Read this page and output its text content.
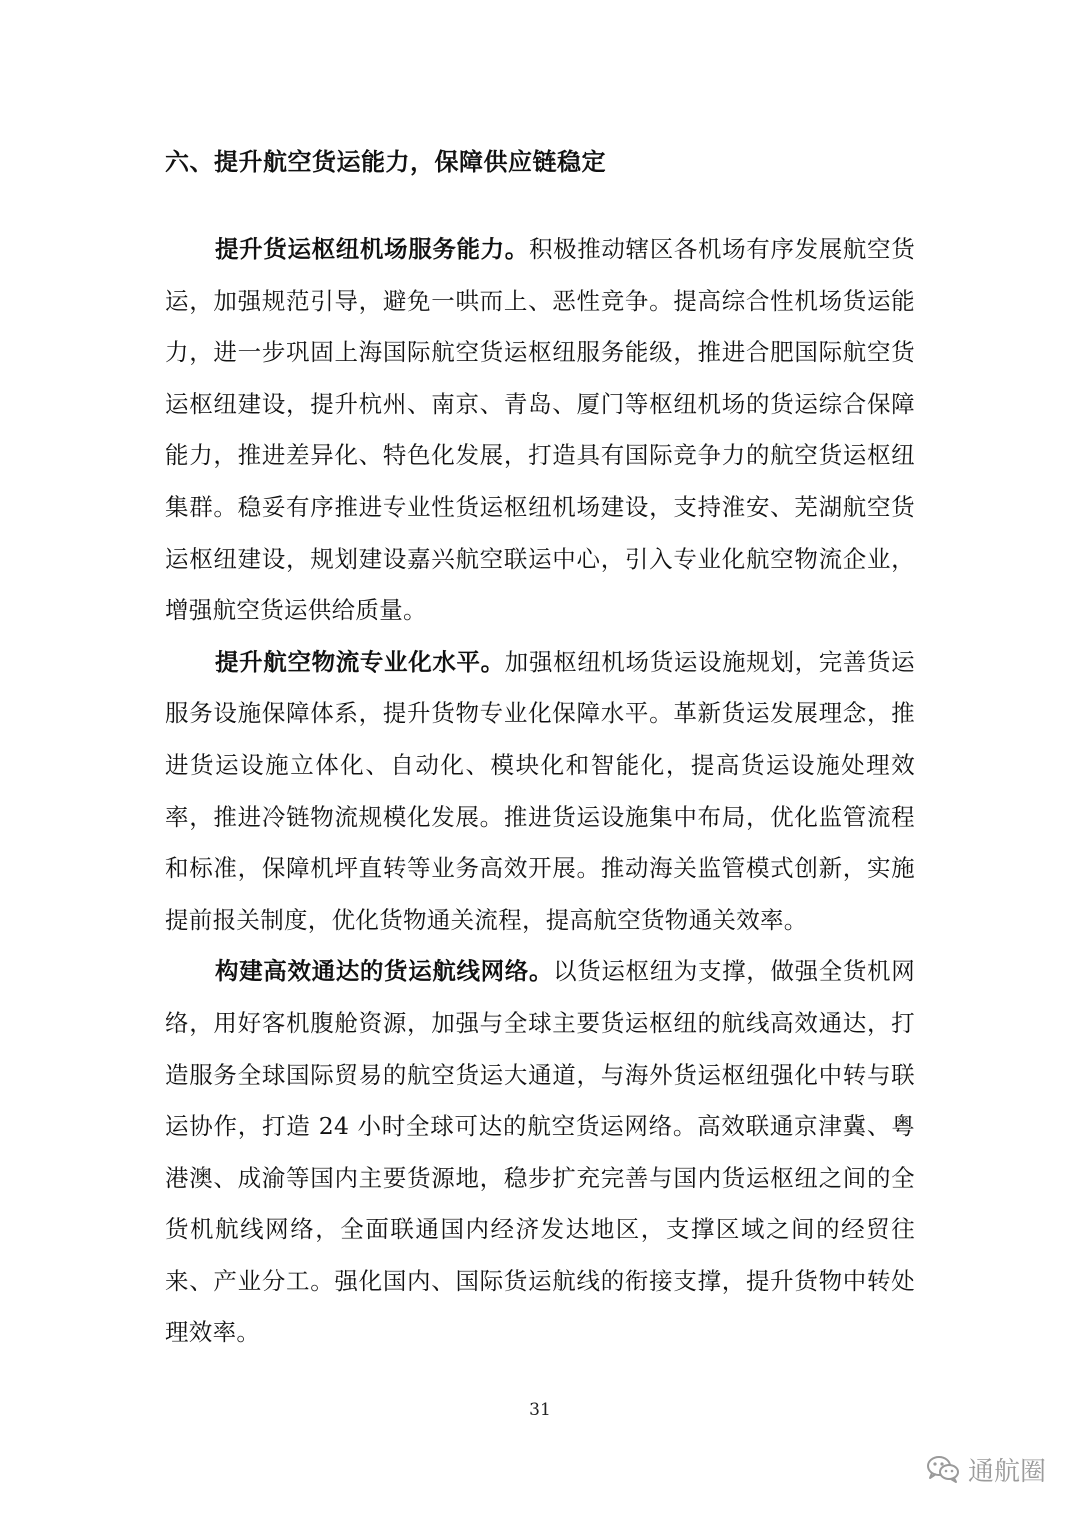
六、提升航空货运能力，保障供应链稳定

提升货运枢纽机场服务能力。积极推动辖区各机场有序发展航空货运，加强规范引导，避免一哄而上、恶性竞争。提高综合性机场货运能力，进一步巩固上海国际航空货运枢纽服务能级，推进合肥国际航空货运枢纽建设，提升杭州、南京、青岛、厦门等枢纽机场的货运综合保障能力，推进差异化、特色化发展，打造具有国际竞争力的航空货运枢纽集群。稳妥有序推进专业性货运枢纽机场建设，支持淮安、芜湖航空货运枢纽建设，规划建设嘉兴航空联运中心，引入专业化航空物流企业，增强航空货运供给质量。

提升航空物流专业化水平。加强枢纽机场货运设施规划，完善货运服务设施保障体系，提升货物专业化保障水平。革新货运发展理念，推进货运设施立体化、自动化、模块化和智能化，提高货运设施处理效率，推进冷链物流规模化发展。推进货运设施集中布局，优化监管流程和标准，保障机坪直转等业务高效开展。推动海关监管模式创新，实施提前报关制度，优化货物通关流程，提高航空货物通关效率。

构建高效通达的货运航线网络。以货运枢纽为支撑，做强全货机网络，用好客机腹舱资源，加强与全球主要货运枢纽的航线高效通达，打造服务全球国际贸易的航空货运大通道，与海外货运枢纽强化中转与联运协作，打造 24 小时全球可达的航空货运网络。高效联通京津冀、粤港澳、成渝等国内主要货源地，稳步扩充完善与国内货运枢纽之间的全货机航线网络，全面联通国内经济发达地区，支撑区域之间的经贸往来、产业分工。强化国内、国际货运航线的衔接支撑，提升货物中转处理效率。

31
通航圈
